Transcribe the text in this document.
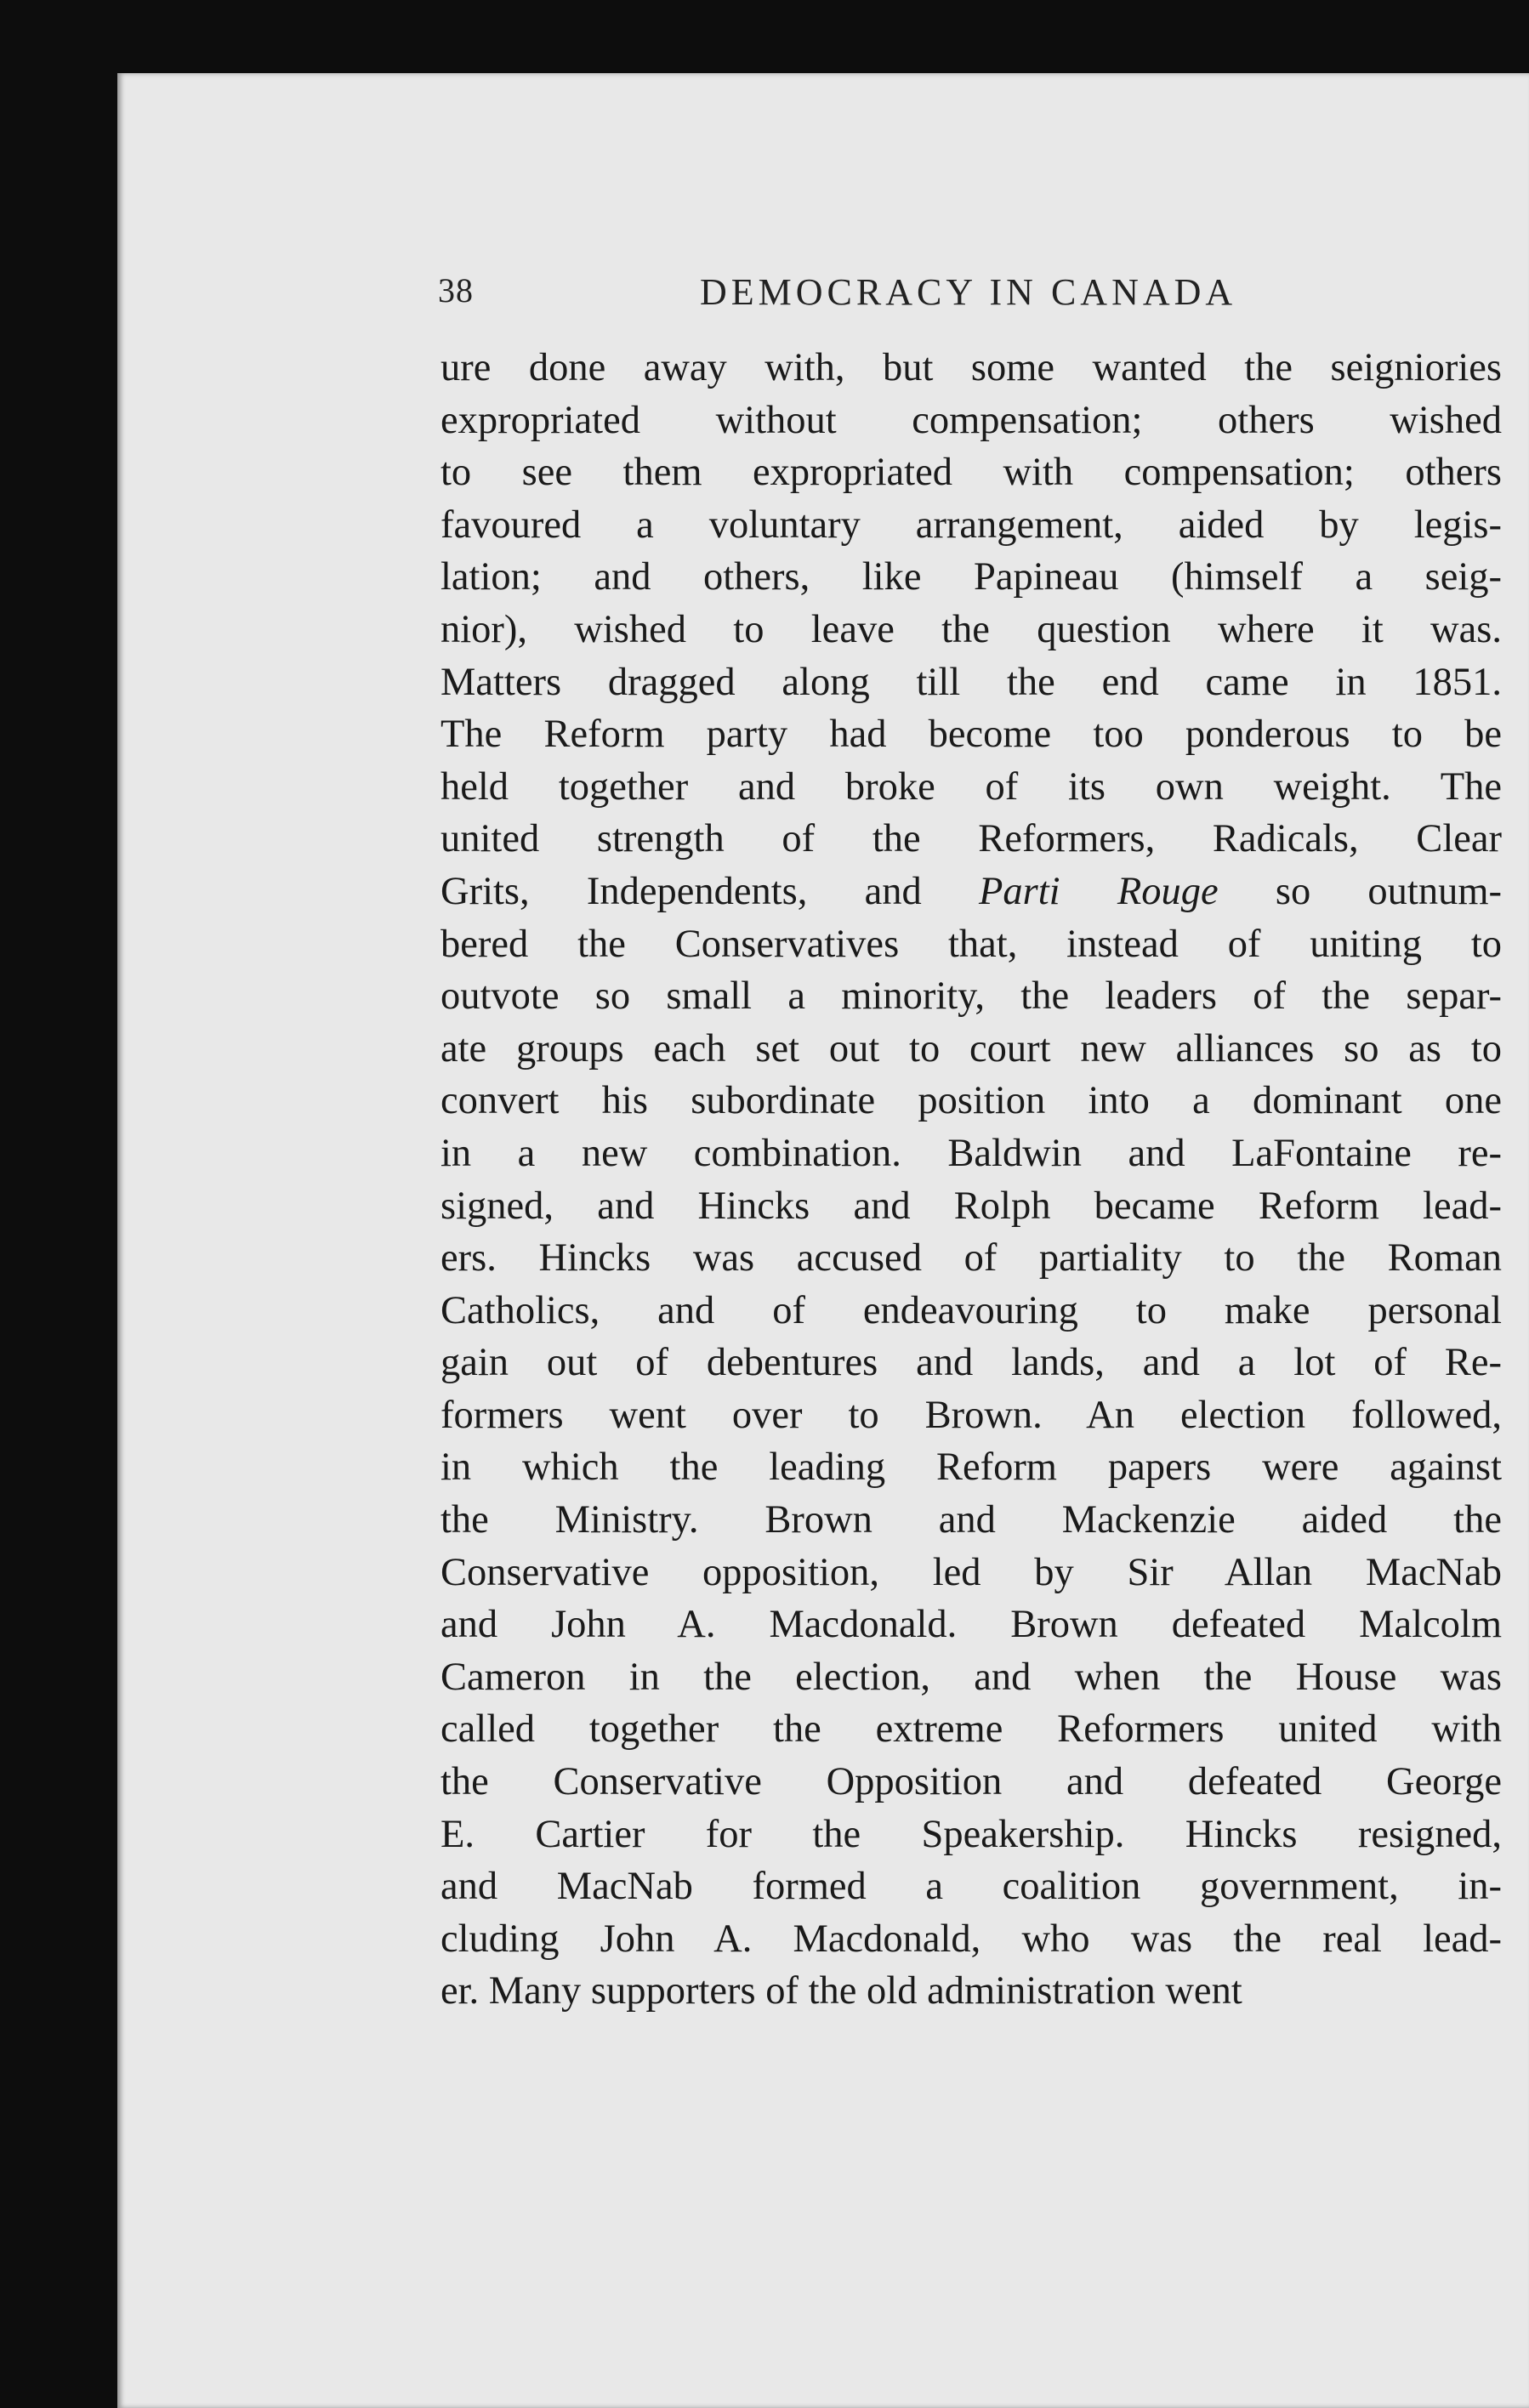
38	DEMOCRACY IN CANADA
ure done away with, but some wanted the seigniories
expropriated without compensation; others wished
to see them expropriated with compensation; others
favoured a voluntary arrangement, aided by legis-
lation; and others, like Papineau (himself a seig-
nior), wished to leave the question where it was.
Matters dragged along till the end came in 1851.
The Reform party had become too ponderous to be
held together and broke of its own weight. The
united strength of the Reformers, Radicals, Clear
Grits, Independents, and Parti Rouge so outnum-
bered the Conservatives that, instead of uniting to
outvote so small a minority, the leaders of the separ-
ate groups each set out to court new alliances so as to
convert his subordinate position into a dominant one
in a new combination. Baldwin and LaFontaine re-
signed, and Hincks and Rolph became Reform lead-
ers. Hincks was accused of partiality to the Roman
Catholics, and of endeavouring to make personal
gain out of debentures and lands, and a lot of Re-
formers went over to Brown. An election followed,
in which the leading Reform papers were against
the Ministry. Brown and Mackenzie aided the
Conservative opposition, led by Sir Allan MacNab
and John A. Macdonald. Brown defeated Malcolm
Cameron in the election, and when the House was
called together the extreme Reformers united with
the Conservative Opposition and defeated George
E. Cartier for the Speakership. Hincks resigned,
and MacNab formed a coalition government, in-
cluding John A. Macdonald, who was the real lead-
er. Many supporters of the old administration went
